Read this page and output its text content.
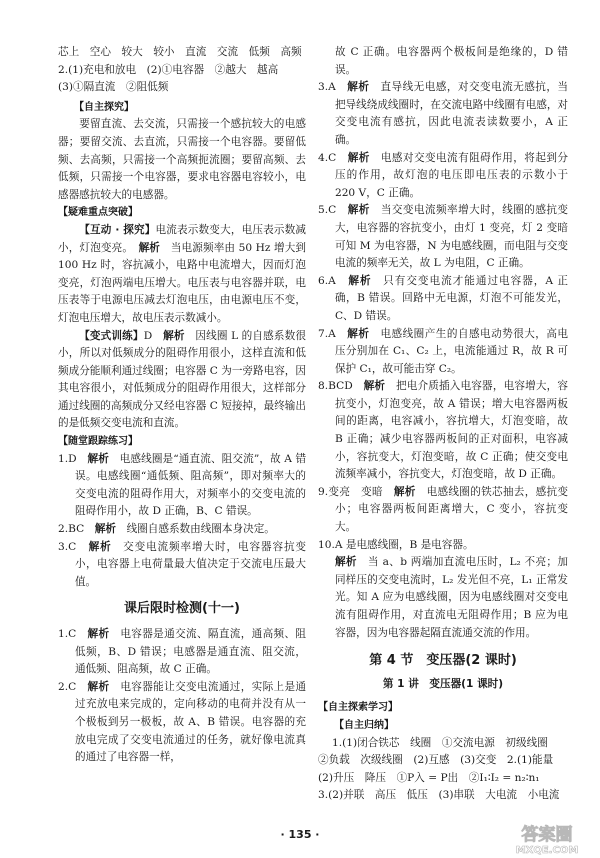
芯上　空心　较大　较小　直流　交流　低频　高频
2.(1)充电和放电　(2)①电容器　②越大　越高
(3)①隔直流　②阻低频
【自主探究】
要留直流、去交流，只需接一个感抗较大的电感器；要留交流、去直流，只需接一个电容器。要留低频、去高频，只需接一个高频扼流圈；要留高频、去低频，只需接一个电容器，要求电容器电容较小，电感器感抗较大的电感器。
【疑难重点突破】
【互动 · 探究】电流表示数变大，电压表示数减小，灯泡变亮。　 解析　 当电源频率由 50 Hz 增大到 100 Hz 时，容抗减小，电路中电流增大，因而灯泡变亮，灯泡两端电压增大。电压表与电容器并联，电压表等于电源电压减去灯泡电压，由电源电压不变，灯泡电压增大，故电压表示数减小。
【变式训练】D　 解析　 因线圈 L 的自感系数很小，所以对低频成分的阻碍作用很小，这样直流和低频成分能顺利通过线圈；电容器 C 为一旁路电容，因其电容很小，对低频成分的阻碍作用很大，这样部分通过线圈的高频成分又经电容器 C 短接掉，最终输出的是低频交变电流和直流。
【随堂跟踪练习】
1.D　 解析　 电感线圈是“通直流、阻交流”，故 A 错误。电感线圈“通低频、阻高频”，即对频率大的交变电流的阻碍作用大，对频率小的交变电流的阻碍作用小，故 D 正确，B、C 错误。
2.BC　 解析　 线圈自感系数由线圈本身决定。
3.C　 解析　 交变电流频率增大时，电容器容抗变小，电容器上电荷量最大值决定于交流电压最大值。
课后限时检测(十一)
1.C　 解析　 电容器是通交流、隔直流，通高频、阻低频，B、D 错误；电感器是通直流、阻交流，通低频、阻高频，故 C 正确。
2.C　 解析　 电容器能让交变电流通过，实际上是通过充放电来完成的，定向移动的电荷并没有从一个极板到另一极板，故 A、B 错误。电容器的充放电完成了交变电流通过的任务，就好像电流真的通过了电容器一样，
故 C 正确。电容器两个极板间是绝缘的，D 错误。
3.A　 解析　 直导线无电感，对交变电流无感抗，当把导线绕成线圈时，在交流电路中线圈有电感，对交变电流有感抗，因此电流表读数要小，A 正确。
4.C　 解析　 电感对交变电流有阻碍作用，将起到分压的作用，故灯泡的电压即电压表的示数小于 220 V，C 正确。
5.C　 解析　 当交变电流频率增大时，线圈的感抗变大，电容器的容抗变小，由灯 1 变亮，灯 2 变暗可知 M 为电容器，N 为电感线圈，而电阻与交变电流的频率无关，故 L 为电阻，C 正确。
6.A　 解析　 只有交变电流才能通过电容器，A 正确，B 错误。回路中无电源，灯泡不可能发光，C、D 错误。
7.A　 解析　 电感线圈产生的自感电动势很大，高电压分别加在 C₁、C₂ 上，电流能通过 R，故 R 可保护 C₁，故可能击穿 C₂。
8.BCD　 解析　 把电介质插入电容器，电容增大，容抗变小，灯泡变亮，故 A 错误；增大电容器两板间的距离，电容减小，容抗增大，灯泡变暗，故 B 正确；减少电容器两板间的正对面积，电容减小，容抗变大，灯泡变暗，故 C 正确；使交变电流频率减小，容抗变大，灯泡变暗，故 D 正确。
9.变亮　变暗　 解析　 电感线圈的铁芯抽去，感抗变小；电容器两板间距离增大，C 变小，容抗变大。
10.A 是电感线圈，B 是电容器。
解析　 当 a、b 两端加直流电压时，L₂ 不亮；加同样压的交变电流时，L₂ 发光但不亮，L₁ 正常发光。知 A 应为电感线圈，因为电感线圈对交变电流有阻碍作用，对直流电无阻碍作用；B 应为电容器，因为电容器起隔直流通交流的作用。
第 4 节　变压器(2 课时)
第 1 讲　变压器(1 课时)
【自主探索学习】
【自主归纳】
1.(1)闭合铁芯　线圈　①交流电源　初级线圈
②负载　次级线圈　(2)互感　(3)交变　2.(1)能量
(2)升压　降压　①P入 = P出　②I₁∶I₂ = n₂∶n₁
3.(2)并联　高压　低压　(3)串联　大电流　小电流
· 135 ·	答案圈
MXQE.COM
